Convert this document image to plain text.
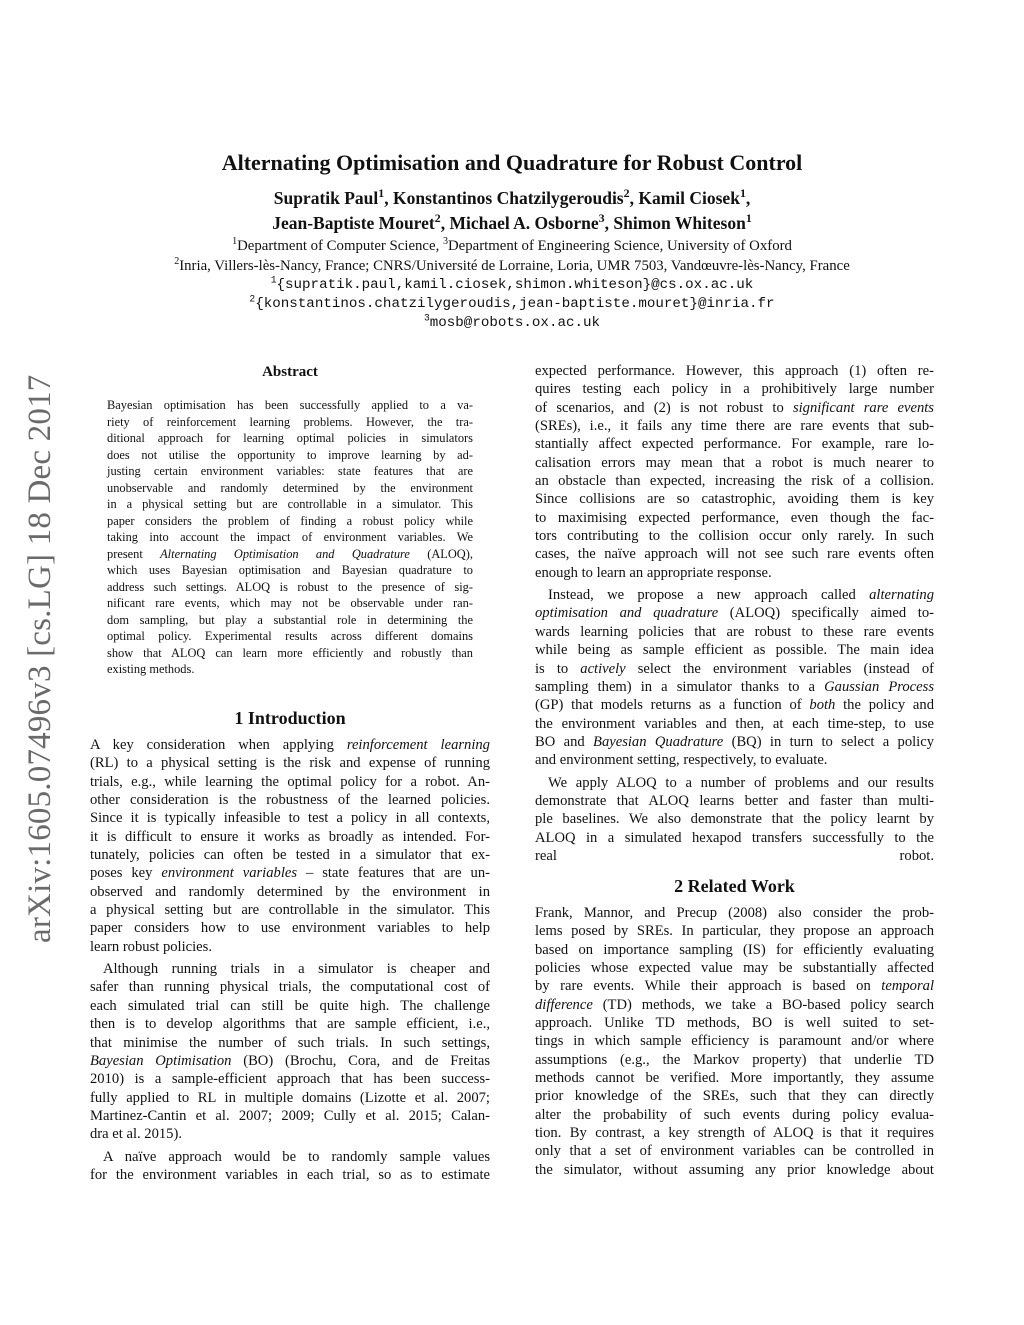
arXiv:1605.07496v3 [cs.LG] 18 Dec 2017
Alternating Optimisation and Quadrature for Robust Control
Supratik Paul$^1$, Konstantinos Chatzilygeroudis$^2$, Kamil Ciosek$^1$,
Jean-Baptiste Mouret$^2$, Michael A. Osborne$^3$, Shimon Whiteson$^1$
$^1$Department of Computer Science, $^3$Department of Engineering Science, University of Oxford
$^2$Inria, Villers-lès-Nancy, France; CNRS/Université de Lorraine, Loria, UMR 7503, Vandœuvre-lès-Nancy, France
$^1${supratik.paul,kamil.ciosek,shimon.whiteson}@cs.ox.ac.uk
$^2${konstantinos.chatzilygeroudis,jean-baptiste.mouret}@inria.fr
$^3$mosb@robots.ox.ac.uk
Abstract
Bayesian optimisation has been successfully applied to a va-
riety of reinforcement learning problems. However, the tra-
ditional approach for learning optimal policies in simulators
does not utilise the opportunity to improve learning by ad-
justing certain environment variables: state features that are
unobservable and randomly determined by the environment
in a physical setting but are controllable in a simulator. This
paper considers the problem of finding a robust policy while
taking into account the impact of environment variables. We
present Alternating Optimisation and Quadrature (ALOQ),
which uses Bayesian optimisation and Bayesian quadrature to
address such settings. ALOQ is robust to the presence of sig-
nificant rare events, which may not be observable under ran-
dom sampling, but play a substantial role in determining the
optimal policy. Experimental results across different domains
show that ALOQ can learn more efficiently and robustly than
existing methods.
1 Introduction
A key consideration when applying reinforcement learning
(RL) to a physical setting is the risk and expense of running
trials, e.g., while learning the optimal policy for a robot. An-
other consideration is the robustness of the learned policies.
Since it is typically infeasible to test a policy in all contexts,
it is difficult to ensure it works as broadly as intended. For-
tunately, policies can often be tested in a simulator that ex-
poses key environment variables – state features that are un-
observed and randomly determined by the environment in
a physical setting but are controllable in the simulator. This
paper considers how to use environment variables to help
learn robust policies.
Although running trials in a simulator is cheaper and
safer than running physical trials, the computational cost of
each simulated trial can still be quite high. The challenge
then is to develop algorithms that are sample efficient, i.e.,
that minimise the number of such trials. In such settings,
Bayesian Optimisation (BO) (Brochu, Cora, and de Freitas
2010) is a sample-efficient approach that has been success-
fully applied to RL in multiple domains (Lizotte et al. 2007;
Martinez-Cantin et al. 2007; 2009; Cully et al. 2015; Calan-
dra et al. 2015).
A naïve approach would be to randomly sample values
for the environment variables in each trial, so as to estimate
expected performance. However, this approach (1) often re-
quires testing each policy in a prohibitively large number
of scenarios, and (2) is not robust to significant rare events
(SREs), i.e., it fails any time there are rare events that sub-
stantially affect expected performance. For example, rare lo-
calisation errors may mean that a robot is much nearer to
an obstacle than expected, increasing the risk of a collision.
Since collisions are so catastrophic, avoiding them is key
to maximising expected performance, even though the fac-
tors contributing to the collision occur only rarely. In such
cases, the naïve approach will not see such rare events often
enough to learn an appropriate response.
Instead, we propose a new approach called alternating
optimisation and quadrature (ALOQ) specifically aimed to-
wards learning policies that are robust to these rare events
while being as sample efficient as possible. The main idea
is to actively select the environment variables (instead of
sampling them) in a simulator thanks to a Gaussian Process
(GP) that models returns as a function of both the policy and
the environment variables and then, at each time-step, to use
BO and Bayesian Quadrature (BQ) in turn to select a policy
and environment setting, respectively, to evaluate.
We apply ALOQ to a number of problems and our results
demonstrate that ALOQ learns better and faster than multi-
ple baselines. We also demonstrate that the policy learnt by
ALOQ in a simulated hexapod transfers successfully to the
real robot.
2 Related Work
Frank, Mannor, and Precup (2008) also consider the prob-
lems posed by SREs. In particular, they propose an approach
based on importance sampling (IS) for efficiently evaluating
policies whose expected value may be substantially affected
by rare events. While their approach is based on temporal
difference (TD) methods, we take a BO-based policy search
approach. Unlike TD methods, BO is well suited to set-
tings in which sample efficiency is paramount and/or where
assumptions (e.g., the Markov property) that underlie TD
methods cannot be verified. More importantly, they assume
prior knowledge of the SREs, such that they can directly
alter the probability of such events during policy evalua-
tion. By contrast, a key strength of ALOQ is that it requires
only that a set of environment variables can be controlled in
the simulator, without assuming any prior knowledge about
